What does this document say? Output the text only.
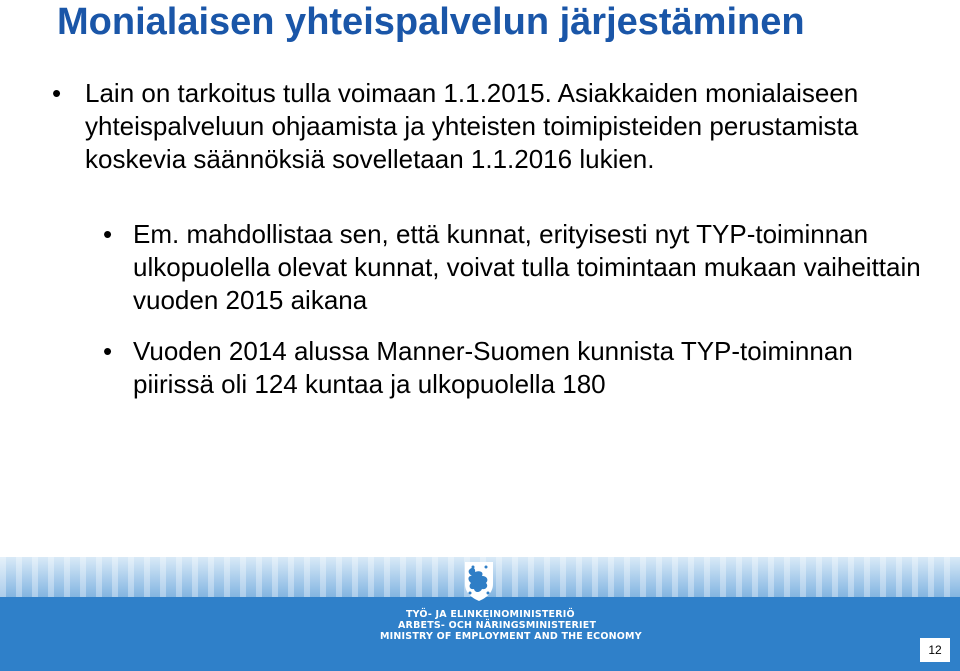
Monialaisen yhteispalvelun järjestäminen
• Lain on tarkoitus tulla voimaan 1.1.2015. Asiakkaiden monialaiseen yhteispalveluun ohjaamista ja yhteisten toimipisteiden perustamista koskevia säännöksiä sovelletaan 1.1.2016 lukien.
• Em. mahdollistaa sen, että kunnat, erityisesti nyt TYP-toiminnan ulkopuolella olevat kunnat, voivat tulla toimintaan mukaan vaiheittain vuoden 2015 aikana
• Vuoden 2014 alussa Manner-Suomen kunnista TYP-toiminnan piirissä oli 124 kuntaa ja ulkopuolella 180
TYÖ- JA ELINKEINOMINISTERIÖ
ARBETS- OCH NÄRINGSMINISTERIET
MINISTRY OF EMPLOYMENT AND THE ECONOMY
12
